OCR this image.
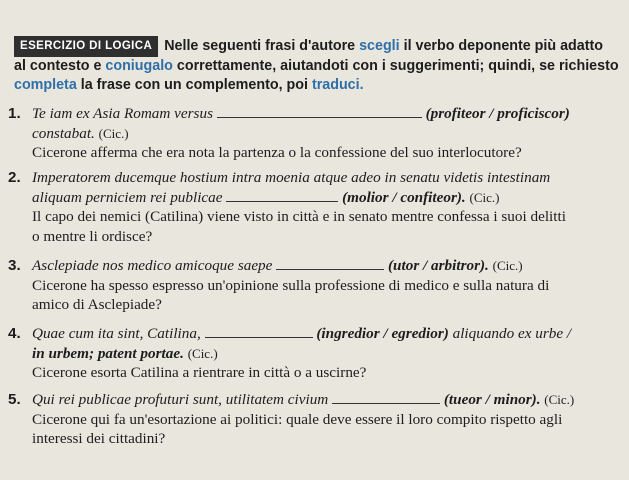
ESERCIZIO DI LOGICA Nelle seguenti frasi d'autore scegli il verbo deponente più adatto
al contesto e coniugalo correttamente, aiutandoti con i suggerimenti; quindi, se richiesto
completa la frase con un complemento, poi traduci.
1. Te iam ex Asia Romam versus	(profiteor / proficiscor)
constabat. (Cic.)
Cicerone afferma che era nota la partenza o la confessione del suo interlocutore?
2. Imperatorem ducemque hostium intra moenia atque adeo in senatu videtis intestinam
aliquam perniciem rei publicae	(molior / confiteor). (Cic.)
Il capo dei nemici (Catilina) viene visto in città e in senato mentre confessa i suoi delitti
o mentre li ordisce?
3. Asclepiade nos medico amicoque saepe	(utor / arbitror). (Cic.)
Cicerone ha spesso espresso un'opinione sulla professione di medico e sulla natura di
amico di Asclepiade?
4. Quae cum ita sint, Catilina,	(ingredior / egredior) aliquando ex urbe /
in urbem; patent portae. (Cic.)
Cicerone esorta Catilina a rientrare in città o a uscirne?
5. Qui rei publicae profuturi sunt, utilitatem civium	(tueor / minor). (Cic.)
Cicerone qui fa un'esortazione ai politici: quale deve essere il loro compito rispetto agli
interessi dei cittadini?
